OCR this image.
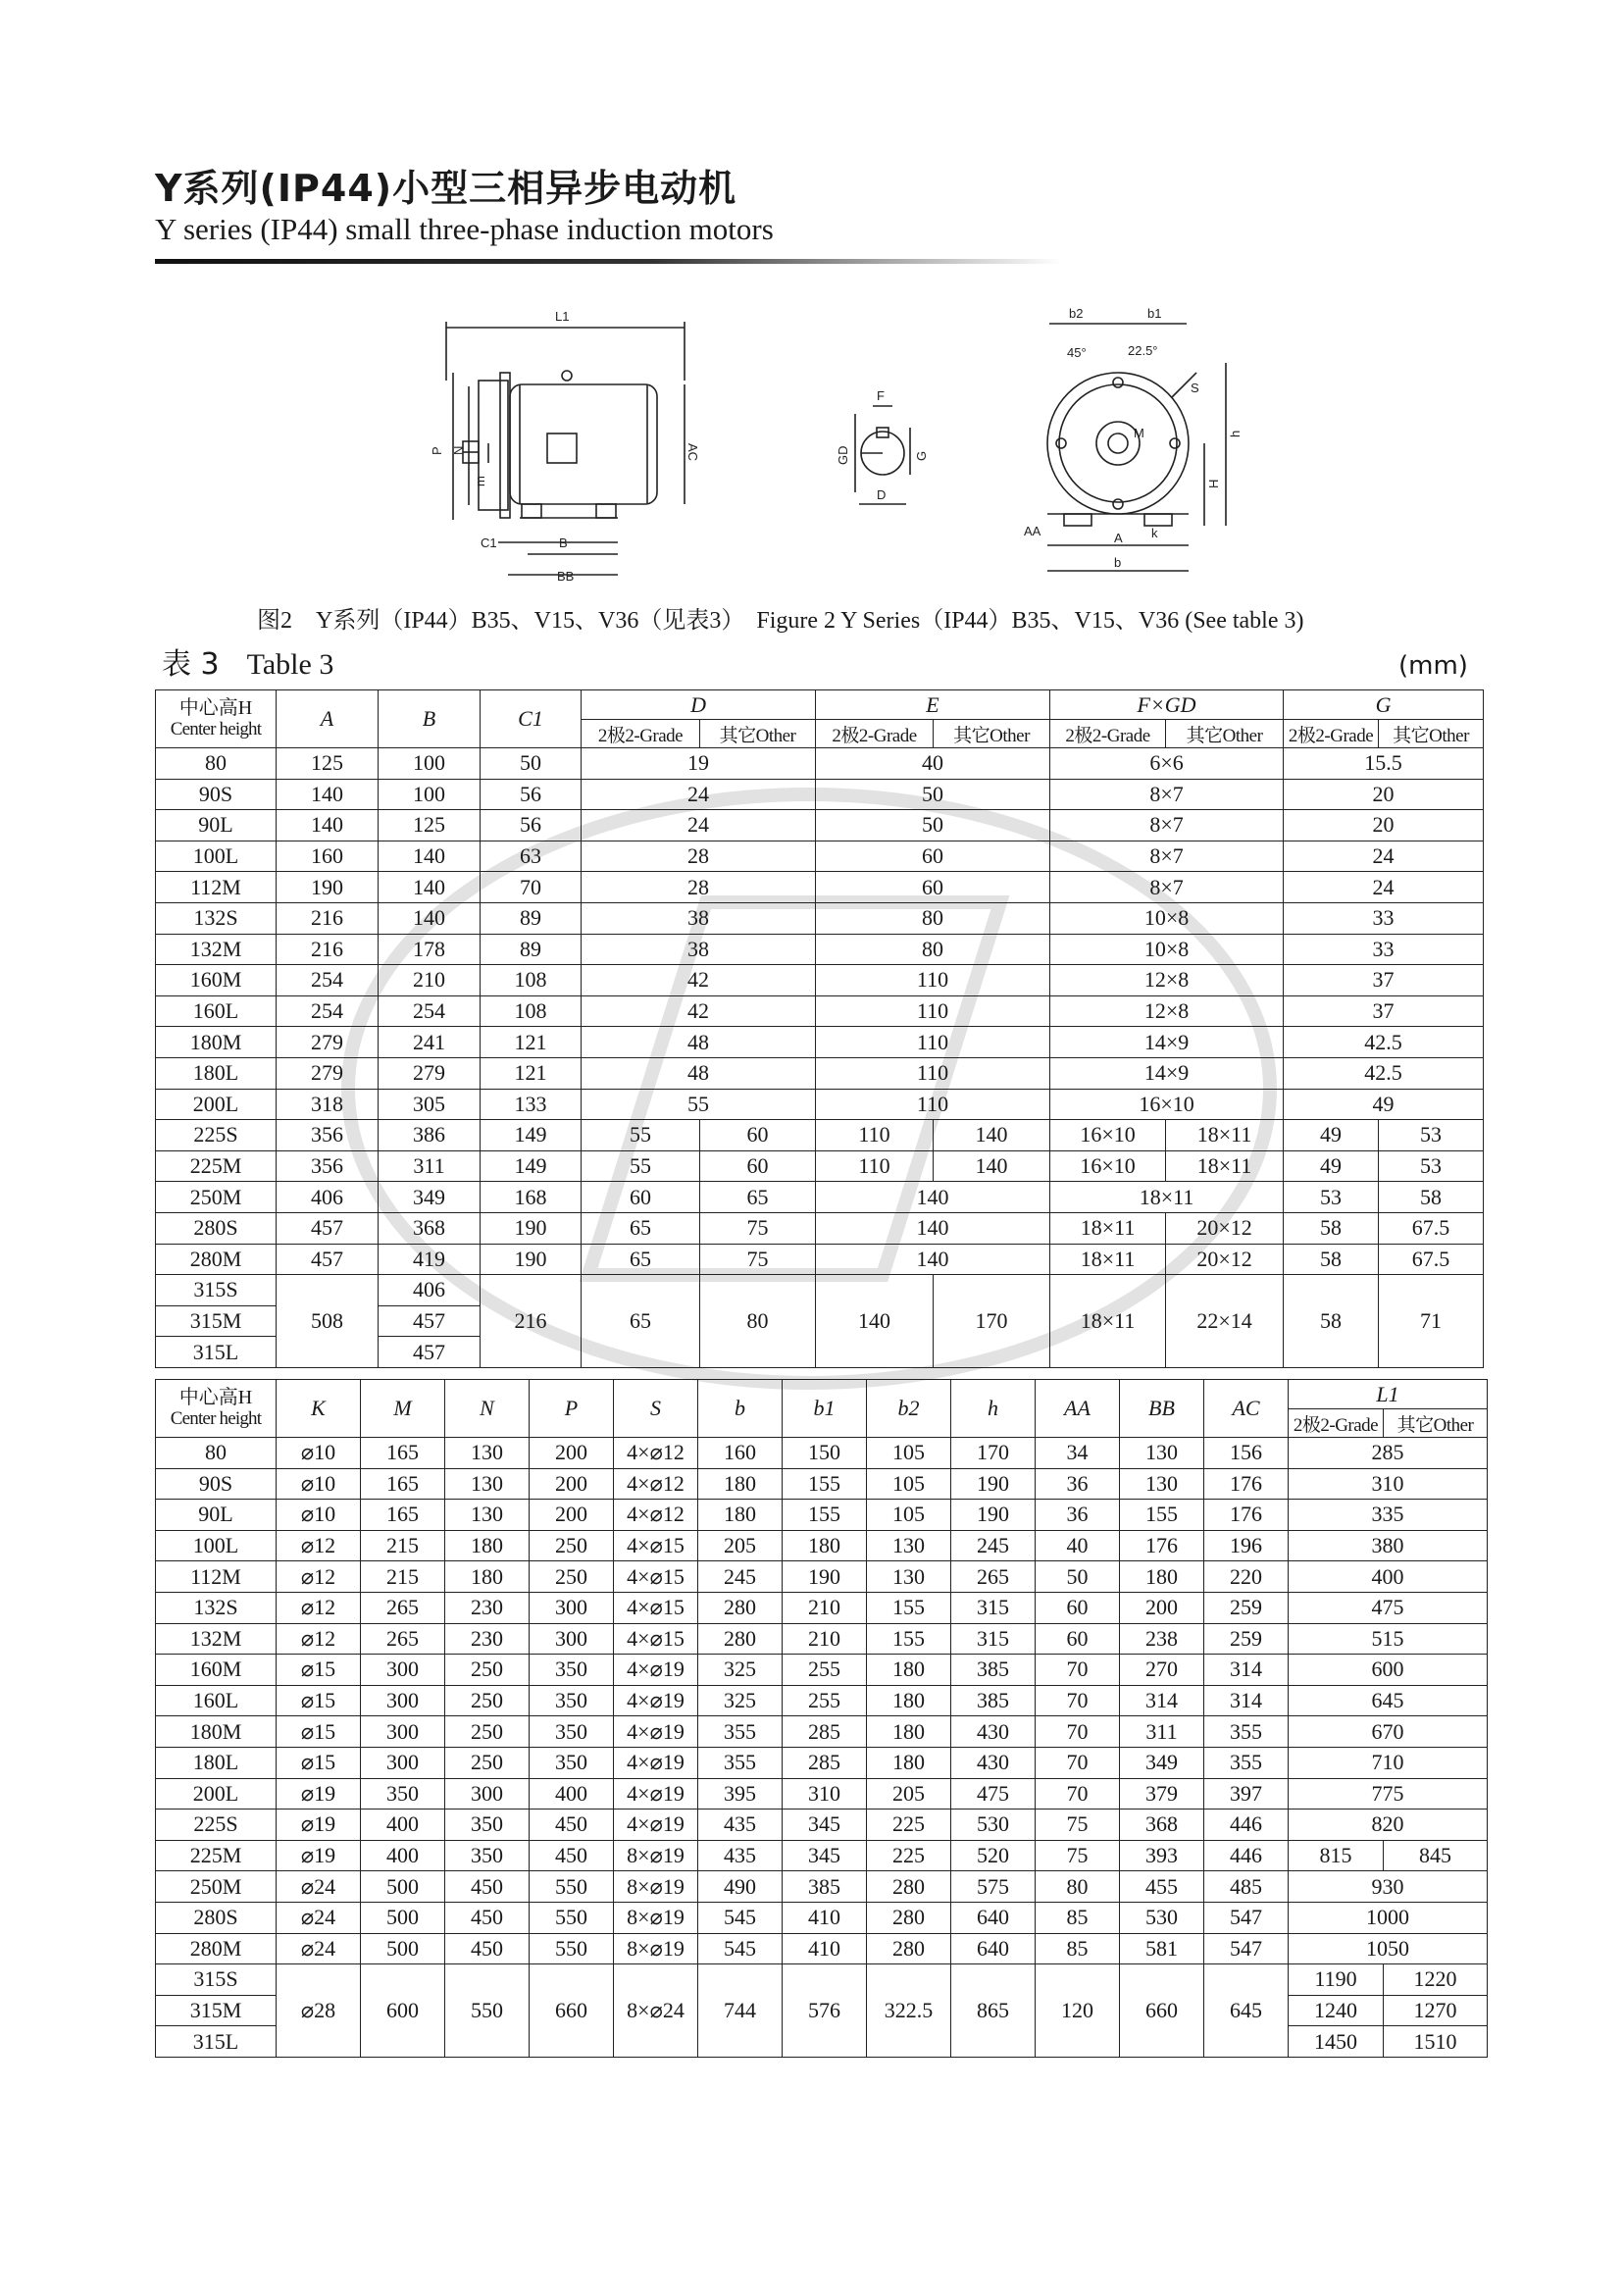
Y系列(IP44)小型三相异步电动机
Y series (IP44) small three-phase induction motors
L1
P N
m
AC
C1	B
BB
F
GD	G
D
b2	b1
45°	22.5°
S
M	h
H
AA	k
A
b
图2　Y系列（IP44）B35、V15、V36（见表3）　Figure 2 Y Series（IP44）B35、V15、V36 (See table 3)
表 3 Table 3	(mm)
中心高H
Center height	A	B	C1	D		E		F×GD		G	
				2极2-Grade	其它Other	2极2-Grade	其它Other	2极2-Grade	其它Other	2极2-Grade	其它Other
80	125	100	50	19		40		6×6		15.5	
90S	140	100	56	24		50		8×7		20	
90L	140	125	56	24		50		8×7		20	
100L	160	140	63	28		60		8×7		24	
112M	190	140	70	28		60		8×7		24	
132S	216	140	89	38		80		10×8		33	
132M	216	178	89	38		80		10×8		33	
160M	254	210	108	42		110		12×8		37	
160L	254	254	108	42		110		12×8		37	
180M	279	241	121	48		110		14×9		42.5	
180L	279	279	121	48		110		14×9		42.5	
200L	318	305	133	55		110		16×10		49	
225S	356	386	149	55	60	110	140	16×10	18×11	49	53
225M	356	311	149	55	60	110	140	16×10	18×11	49	53
250M	406	349	168	60	65	140		18×11		53	58
280S	457	368	190	65	75	140		18×11	20×12	58	67.5
280M	457	419	190	65	75	140		18×11	20×12	58	67.5
315S	508	406	216	65	80	140	170	18×11	22×14	58	71
315M		457									
315L		457									
中心高H
Center height	K	M	N	P	S	b	b1	b2	h	AA	BB	AC	L1	
													2极2-Grade	其它Other
80	⌀10	165	130	200	4×⌀12	160	150	105	170	34	130	156	285	
90S	⌀10	165	130	200	4×⌀12	180	155	105	190	36	130	176	310	
90L	⌀10	165	130	200	4×⌀12	180	155	105	190	36	155	176	335	
100L	⌀12	215	180	250	4×⌀15	205	180	130	245	40	176	196	380	
112M	⌀12	215	180	250	4×⌀15	245	190	130	265	50	180	220	400	
132S	⌀12	265	230	300	4×⌀15	280	210	155	315	60	200	259	475	
132M	⌀12	265	230	300	4×⌀15	280	210	155	315	60	238	259	515	
160M	⌀15	300	250	350	4×⌀19	325	255	180	385	70	270	314	600	
160L	⌀15	300	250	350	4×⌀19	325	255	180	385	70	314	314	645	
180M	⌀15	300	250	350	4×⌀19	355	285	180	430	70	311	355	670	
180L	⌀15	300	250	350	4×⌀19	355	285	180	430	70	349	355	710	
200L	⌀19	350	300	400	4×⌀19	395	310	205	475	70	379	397	775	
225S	⌀19	400	350	450	4×⌀19	435	345	225	530	75	368	446	820	
225M	⌀19	400	350	450	8×⌀19	435	345	225	520	75	393	446	815	845
250M	⌀24	500	450	550	8×⌀19	490	385	280	575	80	455	485	930	
280S	⌀24	500	450	550	8×⌀19	545	410	280	640	85	530	547	1000	
280M	⌀24	500	450	550	8×⌀19	545	410	280	640	85	581	547	1050	
315S	⌀28	600	550	660	8×⌀24	744	576	322.5	865	120	660	645	1190	1220
315M													1240	1270
315L													1450	1510
